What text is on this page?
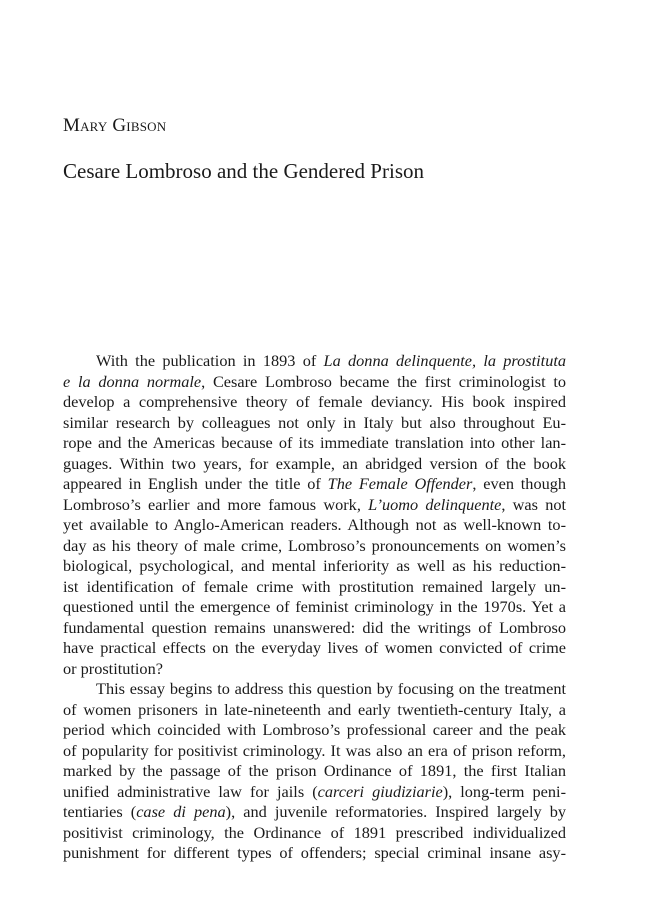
Mary Gibson
Cesare Lombroso and the Gendered Prison
With the publication in 1893 of La donna delinquente, la prostituta
e la donna normale, Cesare Lombroso became the first criminologist to
develop a comprehensive theory of female deviancy. His book inspired
similar research by colleagues not only in Italy but also throughout Eu-
rope and the Americas because of its immediate translation into other lan-
guages. Within two years, for example, an abridged version of the book
appeared in English under the title of The Female Offender, even though
Lombroso’s earlier and more famous work, L’uomo delinquente, was not
yet available to Anglo-American readers. Although not as well-known to-
day as his theory of male crime, Lombroso’s pronouncements on women’s
biological, psychological, and mental inferiority as well as his reduction-
ist identification of female crime with prostitution remained largely un-
questioned until the emergence of feminist criminology in the 1970s. Yet a
fundamental question remains unanswered: did the writings of Lombroso
have practical effects on the everyday lives of women convicted of crime
or prostitution?
This essay begins to address this question by focusing on the treatment
of women prisoners in late-nineteenth and early twentieth-century Italy, a
period which coincided with Lombroso’s professional career and the peak
of popularity for positivist criminology. It was also an era of prison reform,
marked by the passage of the prison Ordinance of 1891, the first Italian
unified administrative law for jails (carceri giudiziarie), long-term peni-
tentiaries (case di pena), and juvenile reformatories. Inspired largely by
positivist criminology, the Ordinance of 1891 prescribed individualized
punishment for different types of offenders; special criminal insane asy-
